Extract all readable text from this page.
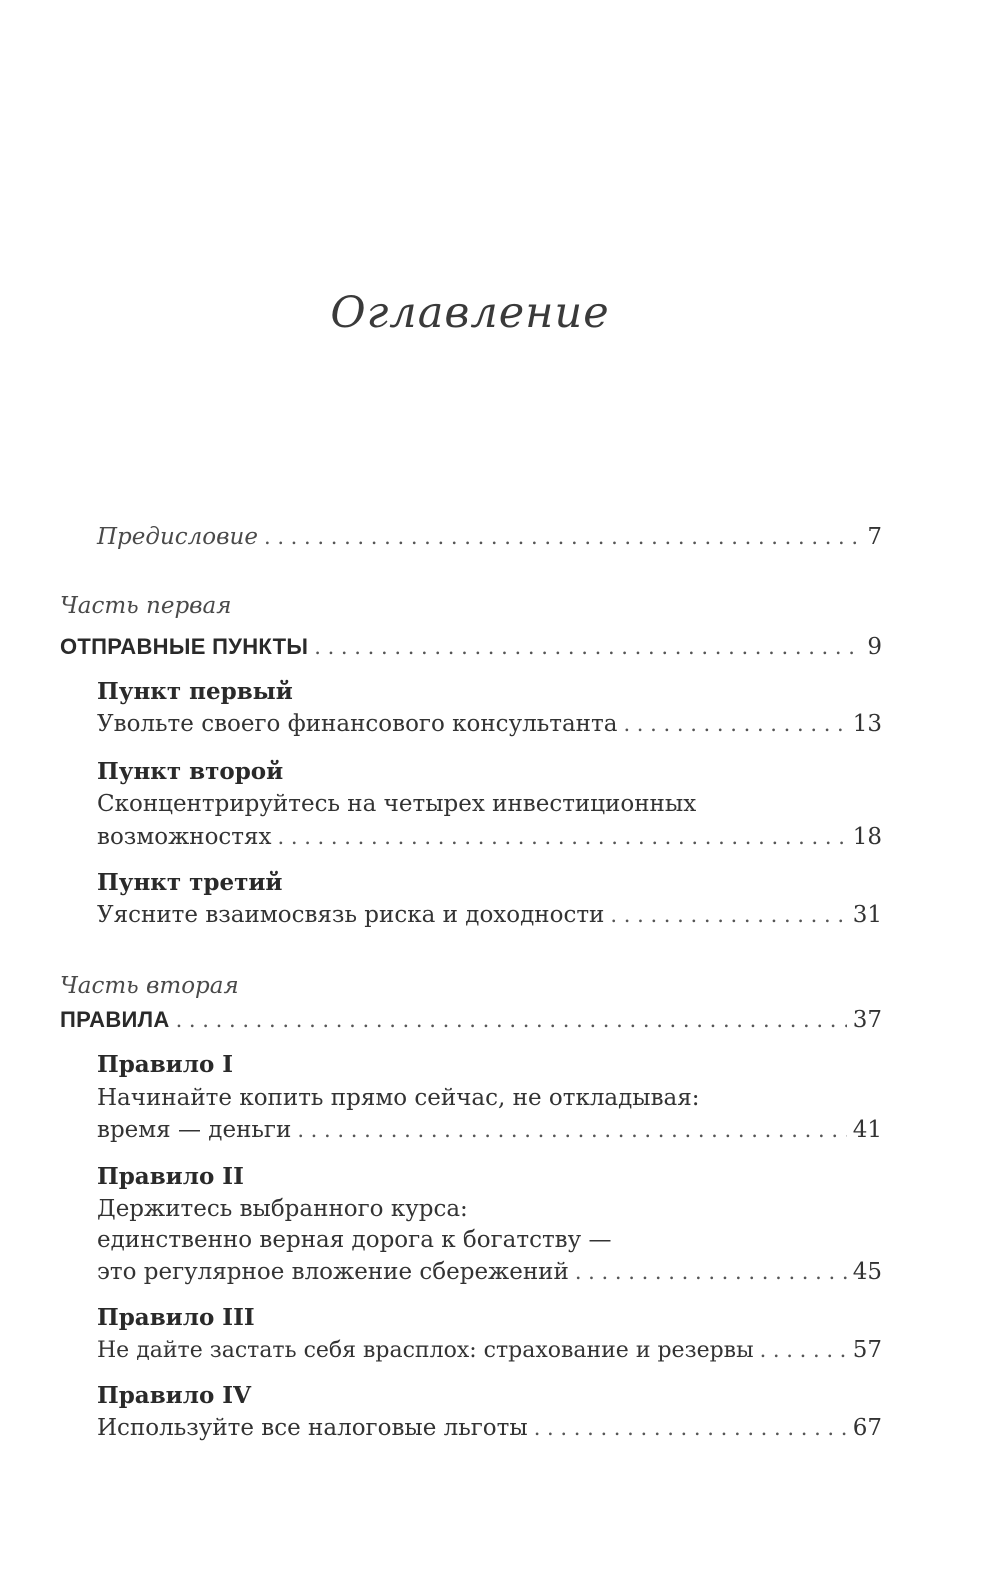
Оглавление
Предисловие . . .	7
Часть первая
ОТПРАВНЫЕ ПУНКТЫ . . .	9
Пункт первый
Увольте своего финансового консультанта . . .	13
Пункт второй
Сконцентрируйтесь на четырех инвестиционных
возможностях . . .	18
Пункт третий
Уясните взаимосвязь риска и доходности . . .	31
Часть вторая
ПРАВИЛА . . .	37
Правило I
Начинайте копить прямо сейчас, не откладывая:
время — деньги . . .	41
Правило II
Держитесь выбранного курса:
единственно верная дорога к богатству —
это регулярное вложение сбережений . . .	45
Правило III
Не дайте застать себя врасплох: страхование и резервы . . .	57
Правило IV
Используйте все налоговые льготы . . .	67
